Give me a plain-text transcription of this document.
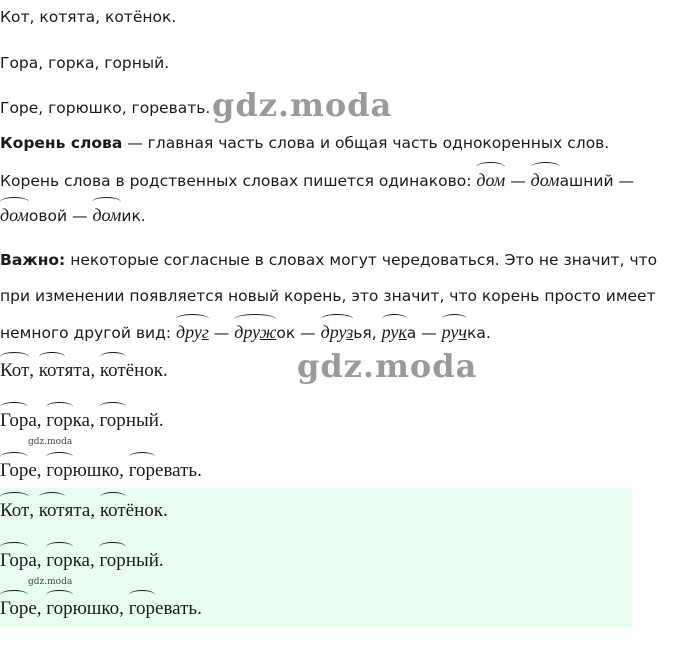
Кот, котята, котёнок.
Гора, горка, горный.
Горе, горюшко, горевать. gdz.moda
Корень слова — главная часть слова и общая часть однокоренных слов.
Корень слова в родственных словах пишется одинаково: дом — домашний —
домовой — домик.
Важно: некоторые согласные в словах могут чередоваться. Это не значит, что
при изменении появляется новый корень, это значит, что корень просто имеет
немного другой вид: друг — дружок — друзья, рука — ручка.
gdz.moda
Кот, котята, котёнок.
Гора, горка, горный.
gdz.moda
Горе, горюшко, горевать.
Кот, котята, котёнок.
Гора, горка, горный.
gdz.moda
Горе, горюшко, горевать.
